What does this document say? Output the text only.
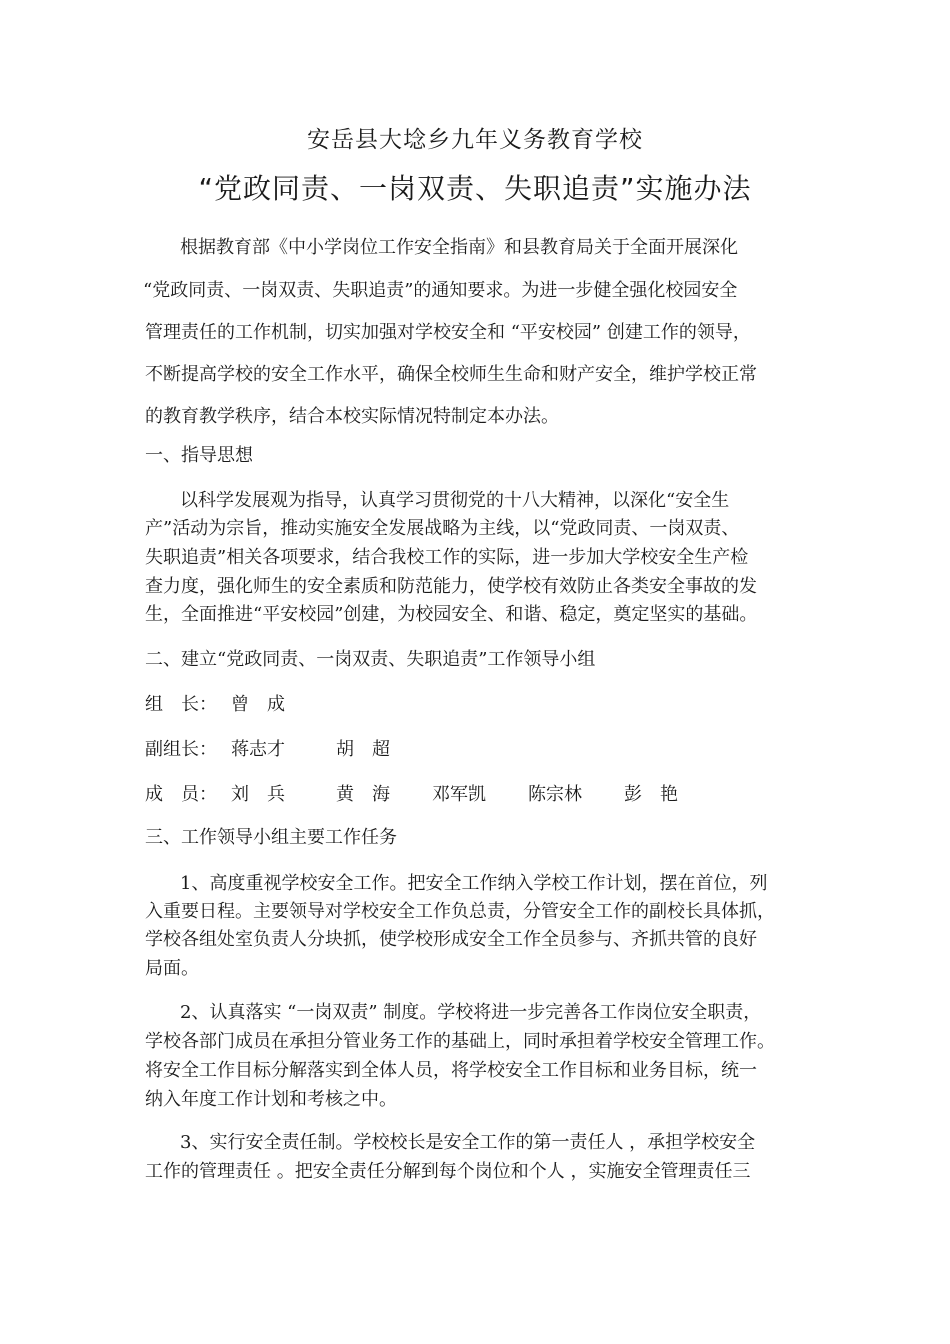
安岳县大埝乡九年义务教育学校
“党政同责、一岗双责、失职追责”实施办法
根据教育部《中小学岗位工作安全指南》和县教育局关于全面开展深化
“党政同责、一岗双责、失职追责”的通知要求。为进一步健全强化校园安全
管理责任的工作机制，切实加强对学校安全和 “平安校园” 创建工作的领导，
不断提高学校的安全工作水平，确保全校师生生命和财产安全，维护学校正常
的教育教学秩序，结合本校实际情况特制定本办法。
一、指导思想
以科学发展观为指导，认真学习贯彻党的十八大精神，以深化“安全生
产”活动为宗旨，推动实施安全发展战略为主线，以“党政同责、一岗双责、
失职追责”相关各项要求，结合我校工作的实际，进一步加大学校安全生产检
查力度，强化师生的安全素质和防范能力，使学校有效防止各类安全事故的发
生，全面推进“平安校园”创建，为校园安全、和谐、稳定，奠定坚实的基础。
二、建立“党政同责、一岗双责、失职追责”工作领导小组
组　长： 曾　成
副组长： 蒋志才	胡　超
成　员： 刘　兵	黄　海 邓军凯 陈宗林 彭　艳
三、工作领导小组主要工作任务
1、高度重视学校安全工作。把安全工作纳入学校工作计划，摆在首位，列
入重要日程。主要领导对学校安全工作负总责，分管安全工作的副校长具体抓，
学校各组处室负责人分块抓，使学校形成安全工作全员参与、齐抓共管的良好
局面。
2、认真落实 “一岗双责” 制度。学校将进一步完善各工作岗位安全职责，
学校各部门成员在承担分管业务工作的基础上，同时承担着学校安全管理工作。
将安全工作目标分解落实到全体人员，将学校安全工作目标和业务目标，统一
纳入年度工作计划和考核之中。
3、实行安全责任制。学校校长是安全工作的第一责任人 ，承担学校安全
工作的管理责任 。把安全责任分解到每个岗位和个人 ，实施安全管理责任三
